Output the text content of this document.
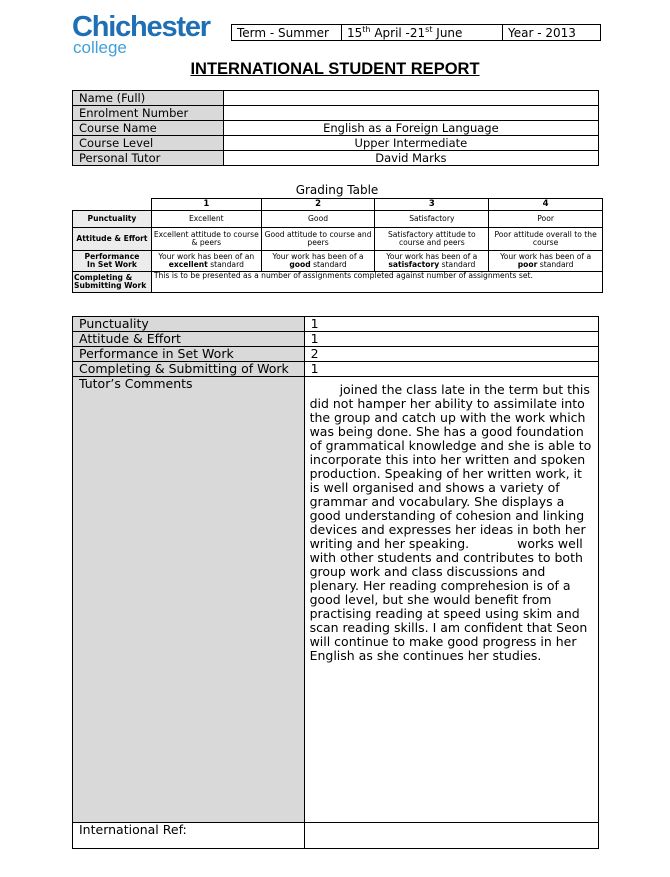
Chichester
college
Term - Summer	15th April -21st June	Year - 2013
INTERNATIONAL STUDENT REPORT
Name (Full)	
Enrolment Number	
Course Name	English as a Foreign Language
Course Level	Upper Intermediate
Personal Tutor	David Marks
Grading Table
	1	2	3	4
Punctuality	Excellent	Good	Satisfactory	Poor
Attitude & Effort	Excellent attitude to course & peers	Good attitude to course and peers	Satisfactory attitude to course and peers	Poor attitude overall to the course
Performance
In Set Work	Your work has been of an excellent standard	Your work has been of a good standard	Your work has been of a satisfactory standard	Your work has been of a poor standard
Completing &
Submitting Work	This is to be presented as a number of assignments completed against number of assignments set.			
Punctuality	1
Attitude & Effort	1
Performance in Set Work	2
Completing & Submitting of Work	1
Tutor’s Comments	joined the class late in the term but this did not hamper her ability to assimilate into the group and catch up with the work which was being done. She has a good foundation of grammatical knowledge and she is able to incorporate this into her written and spoken production. Speaking of her written work, it is well organised and shows a variety of grammar and vocabulary. She displays a good understanding of cohesion and linking devices and expresses her ideas in both her writing and her speaking. works well with other students and contributes to both group work and class discussions and plenary. Her reading comprehesion is of a good level, but she would benefit from practising reading at speed using skim and scan reading skills. I am confident that Seon will continue to make good progress in her English as she continues her studies.
International Ref:	
